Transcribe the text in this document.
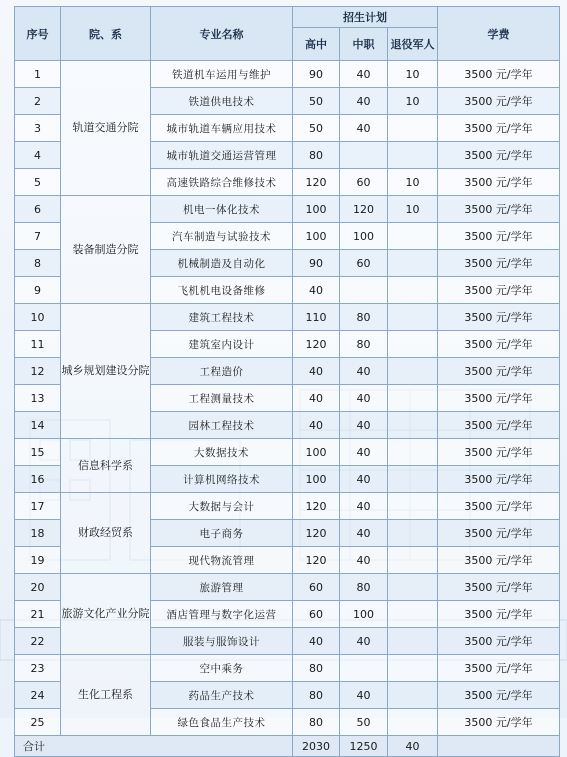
序号	院、系	专业名称	招生计划			学费
			高中	中职	退役军人	
1	轨道交通分院	铁道机车运用与维护	90	40	10	3500 元/学年
2		铁道供电技术	50	40	10	3500 元/学年
3		城市轨道车辆应用技术	50	40		3500 元/学年
4		城市轨道交通运营管理	80			3500 元/学年
5		高速铁路综合维修技术	120	60	10	3500 元/学年
6	装备制造分院	机电一体化技术	100	120	10	3500 元/学年
7		汽车制造与试验技术	100	100		3500 元/学年
8		机械制造及自动化	90	60		3500 元/学年
9		飞机机电设备维修	40			3500 元/学年
10	城乡规划建设分院	建筑工程技术	110	80		3500 元/学年
11		建筑室内设计	120	80		3500 元/学年
12		工程造价	40	40		3500 元/学年
13		工程测量技术	40	40		3500 元/学年
14		园林工程技术	40	40		3500 元/学年
15	信息科学系	大数据技术	100	40		3500 元/学年
16		计算机网络技术	100	40		3500 元/学年
17	财政经贸系	大数据与会计	120	40		3500 元/学年
18		电子商务	120	40		3500 元/学年
19		现代物流管理	120	40		3500 元/学年
20	旅游文化产业分院	旅游管理	60	80		3500 元/学年
21		酒店管理与数字化运营	60	100		3500 元/学年
22		服装与服饰设计	40	40		3500 元/学年
23	生化工程系	空中乘务	80			3500 元/学年
24		药品生产技术	80	40		3500 元/学年
25		绿色食品生产技术	80	50		3500 元/学年
合计			2030	1250	40	
